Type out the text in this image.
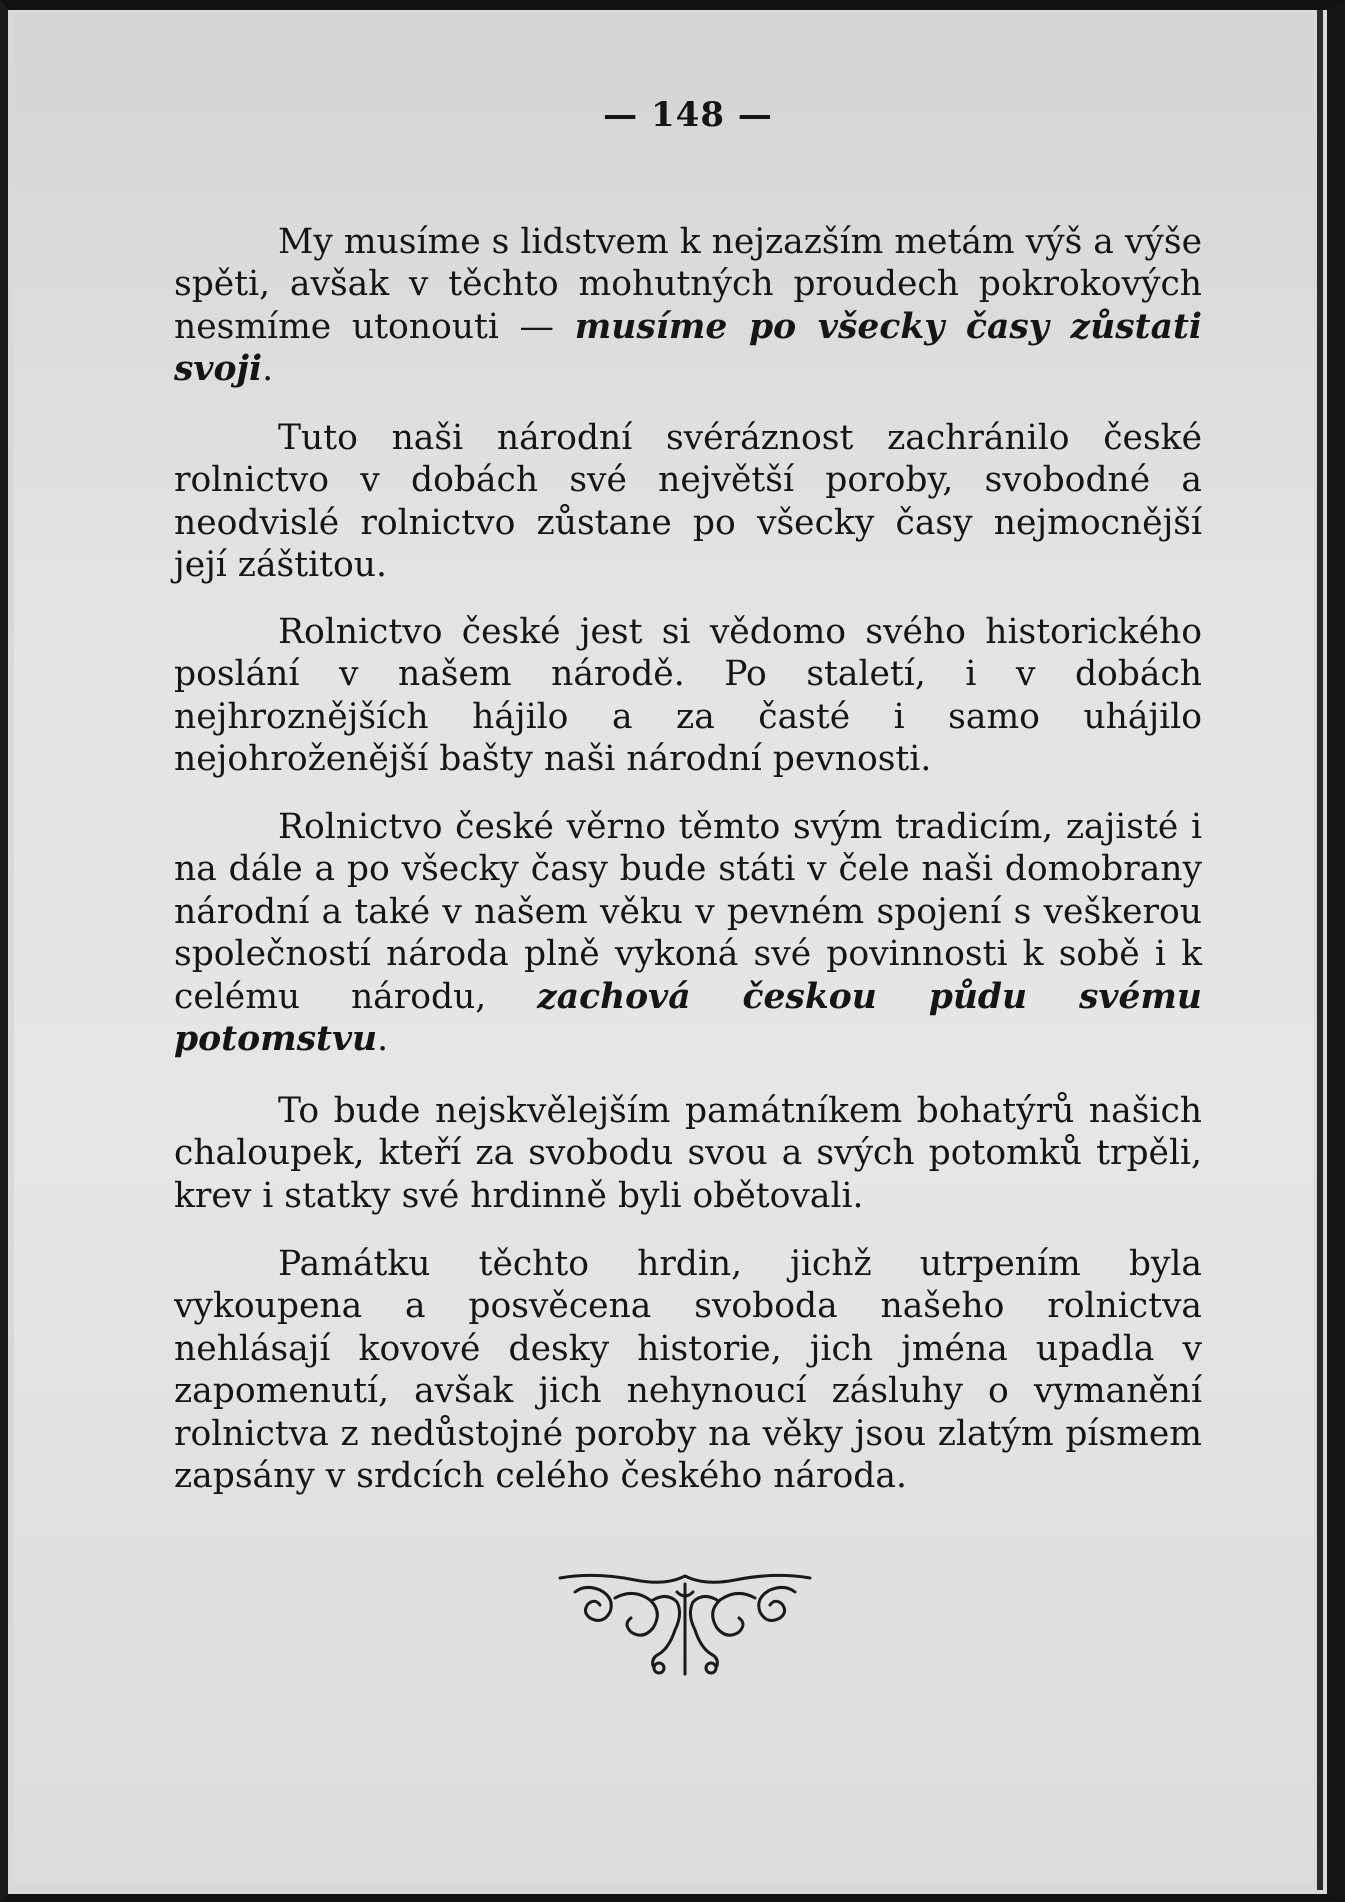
— 148 —

My musíme s lidstvem k nejzazším metám výš a výše spěti, avšak v těchto mohutných proudech pokrokových nesmíme utonouti — musíme po všecky časy zůstati svoji.

Tuto naši národní svéráznost zachránilo české rolnictvo v dobách své největší poroby, svobodné a neodvislé rolnictvo zůstane po všecky časy nejmocnější její záštitou.

Rolnictvo české jest si vědomo svého historického poslání v našem národě. Po staletí, i v dobách nejhroznějších hájilo a za časté i samo uhájilo nejohroženější bašty naši národní pevnosti.

Rolnictvo české věrno těmto svým tradicím, zajisté i na dále a po všecky časy bude státi v čele naši domobrany národní a také v našem věku v pevném spojení s veškerou společností národa plně vykoná své povinnosti k sobě i k celému národu, zachová českou půdu svému potomstvu.

To bude nejskvělejším památníkem bohatýrů našich chaloupek, kteří za svobodu svou a svých potomků trpěli, krev i statky své hrdinně byli obětovali.

Památku těchto hrdin, jichž utrpením byla vykoupena a posvěcena svoboda našeho rolnictva nehlásají kovové desky historie, jich jména upadla v zapomenutí, avšak jich nehynoucí zásluhy o vymanění rolnictva z nedůstojné poroby na věky jsou zlatým písmem zapsány v srdcích celého českého národa.
